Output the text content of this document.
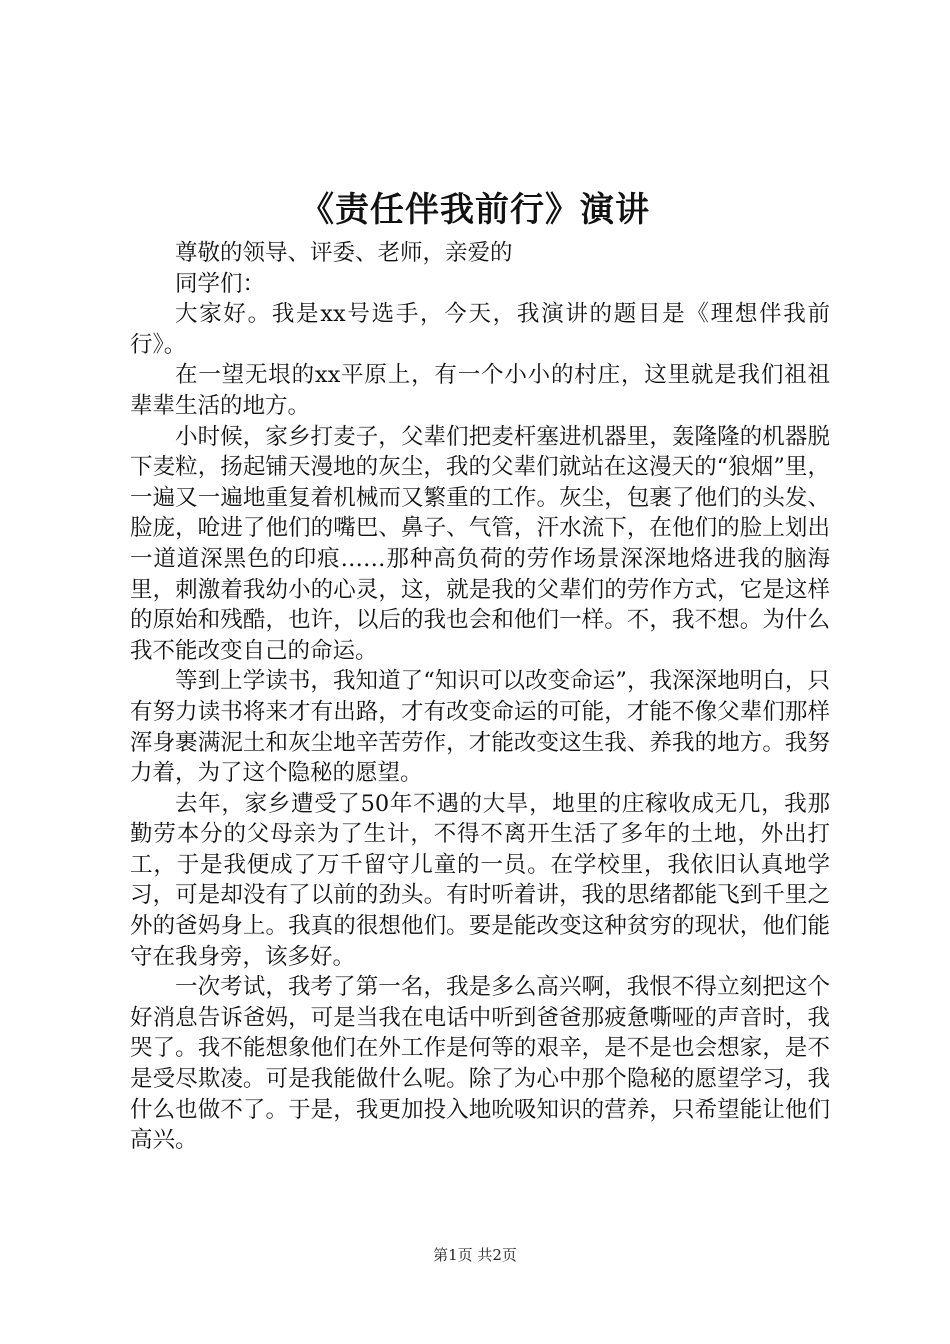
《责任伴我前行》演讲

尊敬的领导、评委、老师，亲爱的

同学们：

大家好。我是xx号选手，今天，我演讲的题目是《理想伴我前行》。

在一望无垠的xx平原上，有一个小小的村庄，这里就是我们祖祖辈辈生活的地方。

小时候，家乡打麦子，父辈们把麦杆塞进机器里，轰隆隆的机器脱下麦粒，扬起铺天漫地的灰尘，我的父辈们就站在这漫天的“狼烟”里，一遍又一遍地重复着机械而又繁重的工作。灰尘，包裹了他们的头发、脸庞，呛进了他们的嘴巴、鼻子、气管，汗水流下，在他们的脸上划出一道道深黑色的印痕……那种高负荷的劳作场景深深地烙进我的脑海里，刺激着我幼小的心灵，这，就是我的父辈们的劳作方式，它是这样的原始和残酷，也许，以后的我也会和他们一样。不，我不想。为什么我不能改变自己的命运。

等到上学读书，我知道了“知识可以改变命运”，我深深地明白，只有努力读书将来才有出路，才有改变命运的可能，才能不像父辈们那样浑身裹满泥土和灰尘地辛苦劳作，才能改变这生我、养我的地方。我努力着，为了这个隐秘的愿望。

去年，家乡遭受了50年不遇的大旱，地里的庄稼收成无几，我那勤劳本分的父母亲为了生计，不得不离开生活了多年的土地，外出打工，于是我便成了万千留守儿童的一员。在学校里，我依旧认真地学习，可是却没有了以前的劲头。有时听着讲，我的思绪都能飞到千里之外的爸妈身上。我真的很想他们。要是能改变这种贫穷的现状，他们能守在我身旁，该多好。

一次考试，我考了第一名，我是多么高兴啊，我恨不得立刻把这个好消息告诉爸妈，可是当我在电话中听到爸爸那疲惫嘶哑的声音时，我哭了。我不能想象他们在外工作是何等的艰辛，是不是也会想家，是不是受尽欺凌。可是我能做什么呢。除了为心中那个隐秘的愿望学习，我什么也做不了。于是，我更加投入地吮吸知识的营养，只希望能让他们高兴。

第1页 共2页
